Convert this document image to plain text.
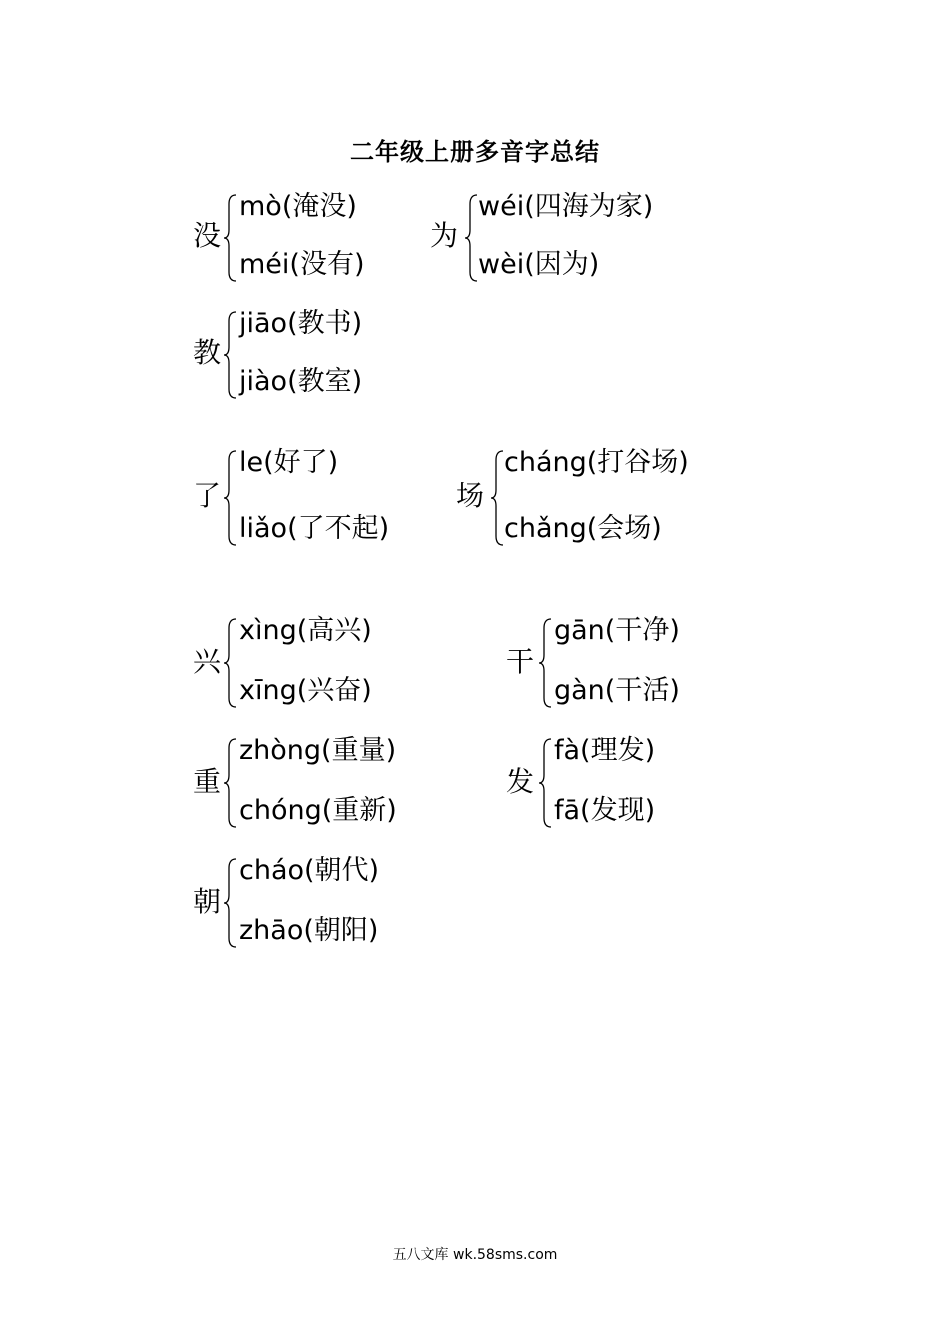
二年级上册多音字总结
没
mò(淹没)
méi(没有)
为
wéi(四海为家)
wèi(因为)
教
jiāo(教书)
jiào(教室)
了
le(好了)
liǎo(了不起)
场
cháng(打谷场)
chǎng(会场)
兴
xìng(高兴)
xīng(兴奋)
干
gān(干净)
gàn(干活)
重
zhòng(重量)
chóng(重新)
发
fà(理发)
fā(发现)
朝
cháo(朝代)
zhāo(朝阳)
五八文库 wk.58sms.com
